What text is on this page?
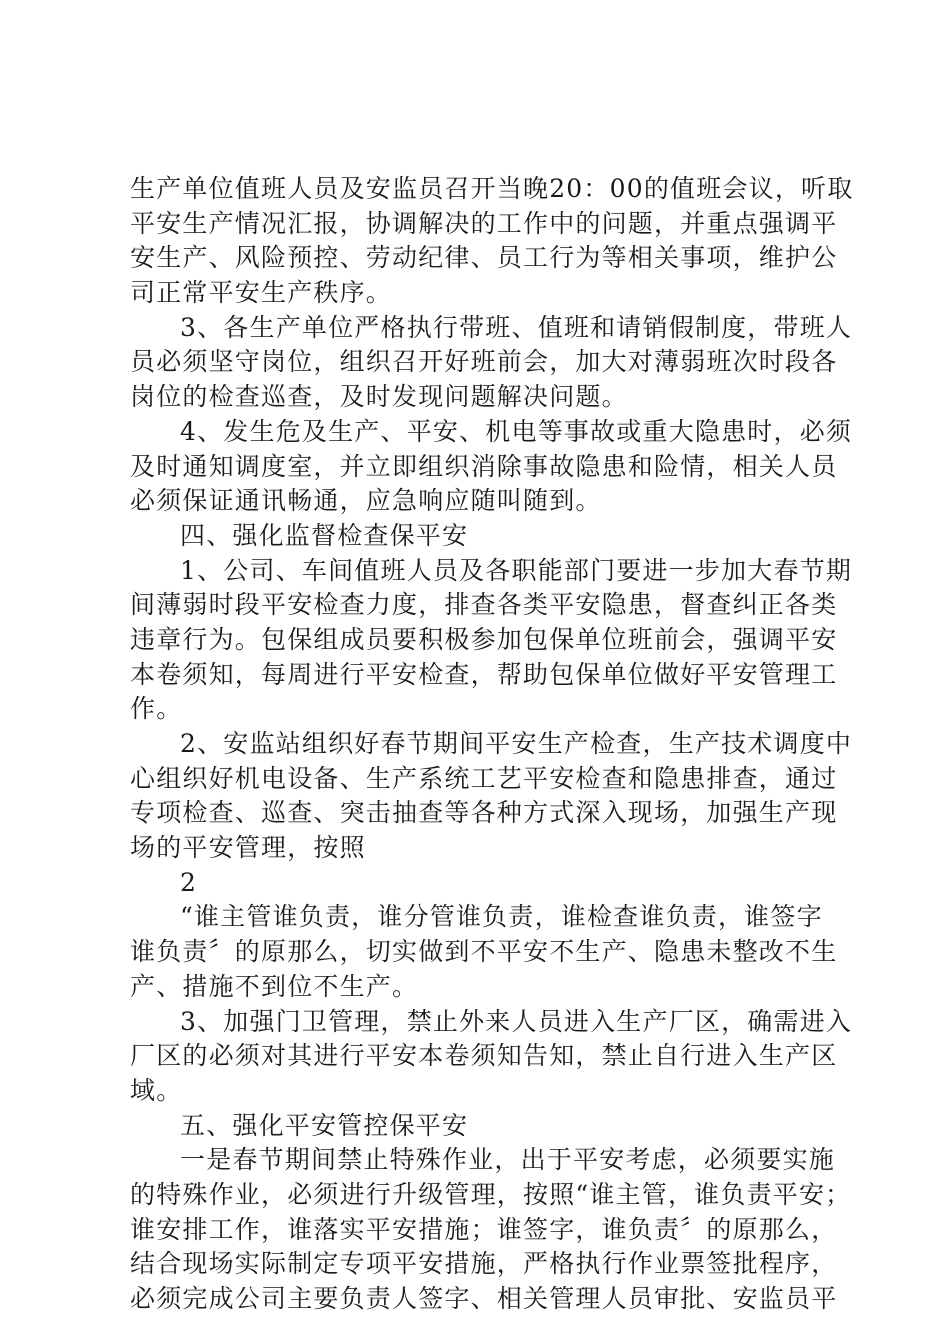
生产单位值班人员及安监员召开当晚20：00的值班会议，听取
平安生产情况汇报，协调解决的工作中的问题，并重点强调平
安生产、风险预控、劳动纪律、员工行为等相关事项，维护公
司正常平安生产秩序。
3、各生产单位严格执行带班、值班和请销假制度，带班人
员必须坚守岗位，组织召开好班前会，加大对薄弱班次时段各
岗位的检查巡查，及时发现问题解决问题。
4、发生危及生产、平安、机电等事故或重大隐患时，必须
及时通知调度室，并立即组织消除事故隐患和险情，相关人员
必须保证通讯畅通，应急响应随叫随到。
四、强化监督检查保平安
1、公司、车间值班人员及各职能部门要进一步加大春节期
间薄弱时段平安检查力度，排查各类平安隐患，督查纠正各类
违章行为。包保组成员要积极参加包保单位班前会，强调平安
本卷须知，每周进行平安检查，帮助包保单位做好平安管理工
作。
2、安监站组织好春节期间平安生产检查，生产技术调度中
心组织好机电设备、生产系统工艺平安检查和隐患排查，通过
专项检查、巡查、突击抽查等各种方式深入现场，加强生产现
场的平安管理，按照
2
“谁主管谁负责，谁分管谁负责，谁检查谁负责，谁签字
谁负责〞的原那么，切实做到不平安不生产、隐患未整改不生
产、措施不到位不生产。
3、加强门卫管理，禁止外来人员进入生产厂区，确需进入
厂区的必须对其进行平安本卷须知告知，禁止自行进入生产区
域。
五、强化平安管控保平安
一是春节期间禁止特殊作业，出于平安考虑，必须要实施
的特殊作业，必须进行升级管理，按照“谁主管，谁负责平安；
谁安排工作，谁落实平安措施；谁签字，谁负责〞的原那么，
结合现场实际制定专项平安措施，严格执行作业票签批程序，
必须完成公司主要负责人签字、相关管理人员审批、安监员平
